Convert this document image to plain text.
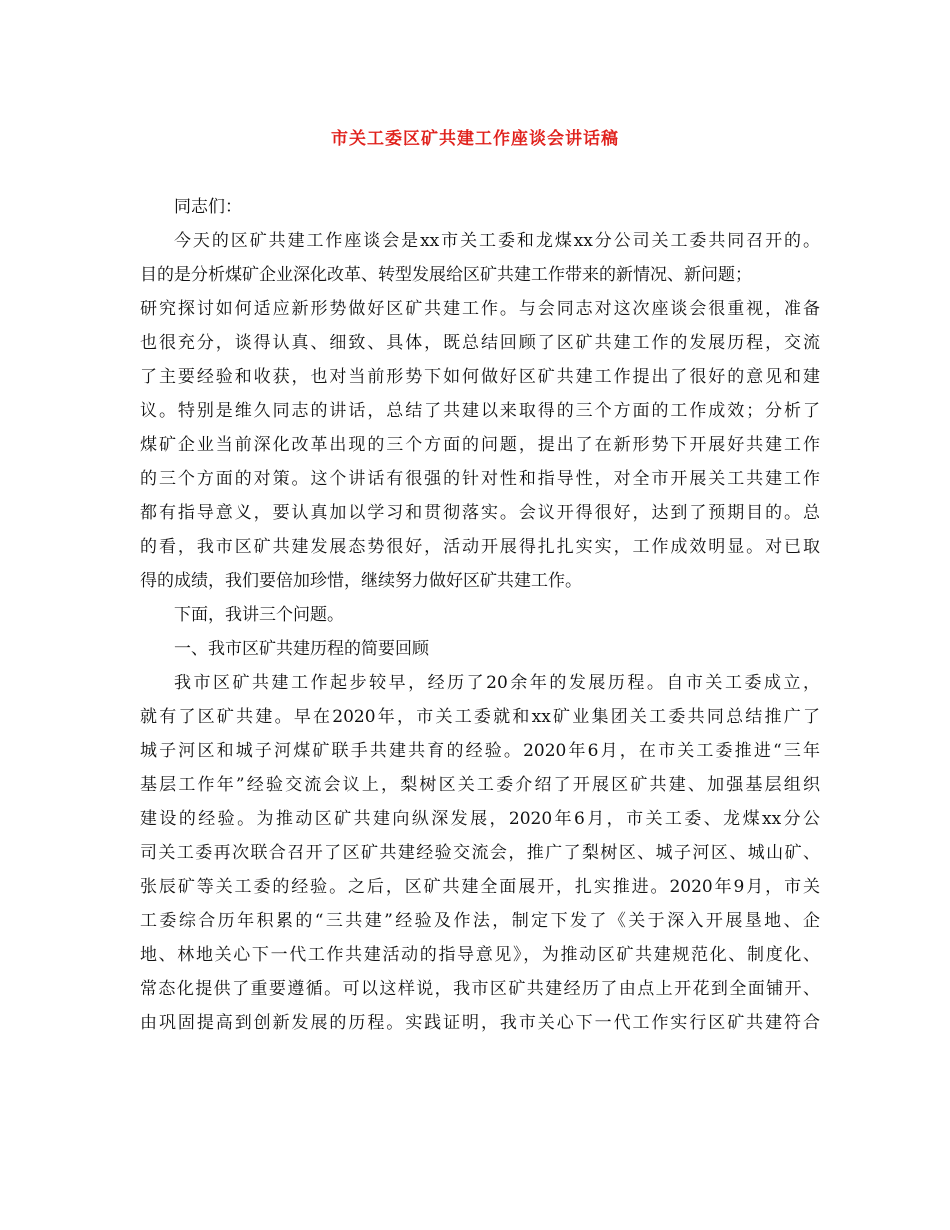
市关工委区矿共建工作座谈会讲话稿
同志们：
今天的区矿共建工作座谈会是xx市关工委和龙煤xx分公司关工委共同召开的。
目的是分析煤矿企业深化改革、转型发展给区矿共建工作带来的新情况、新问题；
研究探讨如何适应新形势做好区矿共建工作。与会同志对这次座谈会很重视，准备
也很充分，谈得认真、细致、具体，既总结回顾了区矿共建工作的发展历程，交流
了主要经验和收获，也对当前形势下如何做好区矿共建工作提出了很好的意见和建
议。特别是维久同志的讲话，总结了共建以来取得的三个方面的工作成效；分析了
煤矿企业当前深化改革出现的三个方面的问题，提出了在新形势下开展好共建工作
的三个方面的对策。这个讲话有很强的针对性和指导性，对全市开展关工共建工作
都有指导意义，要认真加以学习和贯彻落实。会议开得很好，达到了预期目的。总
的看，我市区矿共建发展态势很好，活动开展得扎扎实实，工作成效明显。对已取
得的成绩，我们要倍加珍惜，继续努力做好区矿共建工作。
下面，我讲三个问题。
一、我市区矿共建历程的简要回顾
我市区矿共建工作起步较早，经历了20余年的发展历程。自市关工委成立，
就有了区矿共建。早在2020年，市关工委就和xx矿业集团关工委共同总结推广了
城子河区和城子河煤矿联手共建共育的经验。2020年6月，在市关工委推进“三年
基层工作年”经验交流会议上，梨树区关工委介绍了开展区矿共建、加强基层组织
建设的经验。为推动区矿共建向纵深发展，2020年6月，市关工委、龙煤xx分公
司关工委再次联合召开了区矿共建经验交流会，推广了梨树区、城子河区、城山矿、
张辰矿等关工委的经验。之后，区矿共建全面展开，扎实推进。2020年9月，市关
工委综合历年积累的“三共建”经验及作法，制定下发了《关于深入开展垦地、企
地、林地关心下一代工作共建活动的指导意见》，为推动区矿共建规范化、制度化、
常态化提供了重要遵循。可以这样说，我市区矿共建经历了由点上开花到全面铺开、
由巩固提高到创新发展的历程。实践证明，我市关心下一代工作实行区矿共建符合
